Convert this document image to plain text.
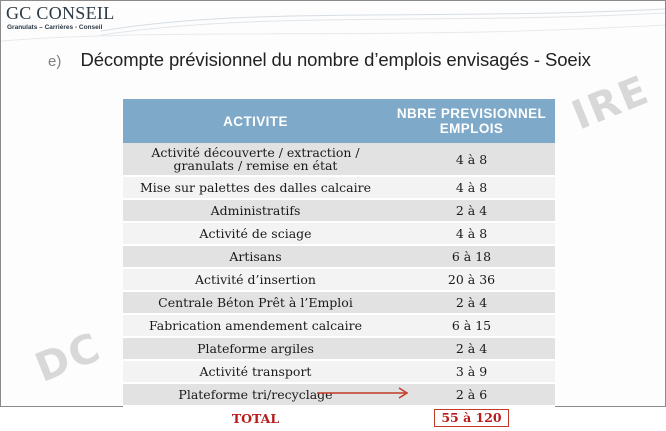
GC CONSEIL
Granulats – Carrières - Conseil
e) Décompte prévisionnel du nombre d’emplois envisagés - Soeix
IRE
DC
ACTIVITE	NBRE PREVISIONNEL
EMPLOIS
Activité découverte / extraction /
granulats / remise en état	4 à 8
Mise sur palettes des dalles calcaire	4 à 8
Administratifs	2 à 4
Activité de sciage	4 à 8
Artisans	6 à 18
Activité d’insertion	20 à 36
Centrale Béton Prêt à l’Emploi	2 à 4
Fabrication amendement calcaire	6 à 15
Plateforme argiles	2 à 4
Activité transport	3 à 9
Plateforme tri/recyclage	2 à 6
TOTAL	55 à 120
